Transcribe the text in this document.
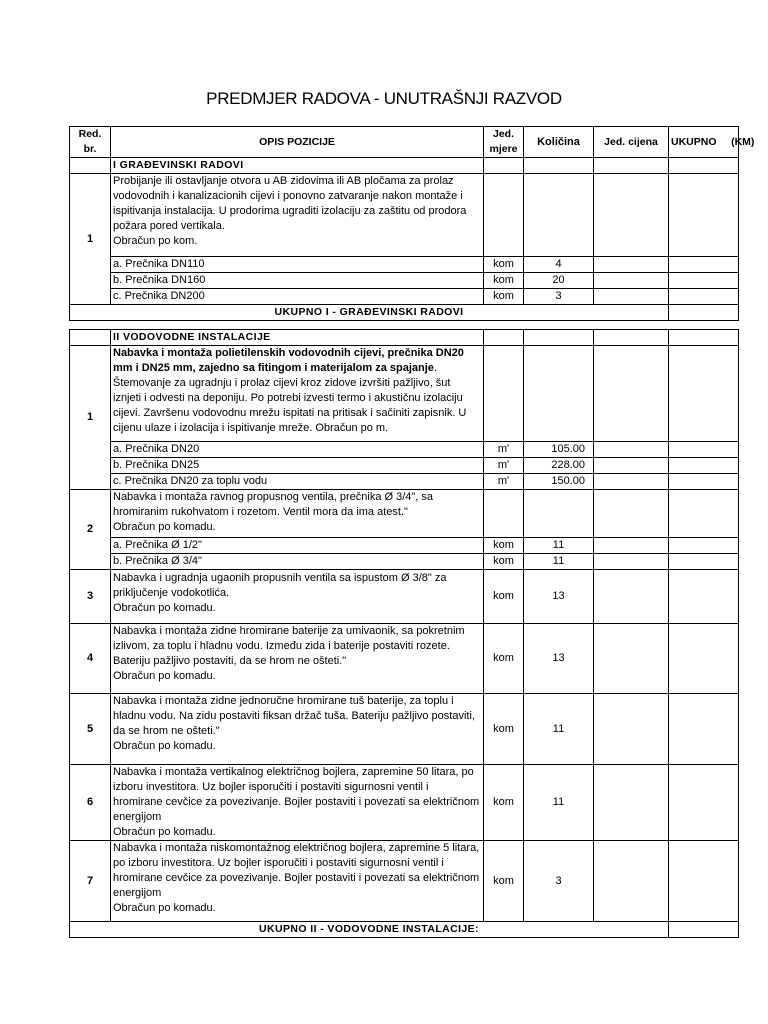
PREDMJER RADOVA - UNUTRAŠNJI RAZVOD
Red. br.	OPIS POZICIJE	Jed. mjere	Količina	Jed. cijena	UKUPNO     (KM)
	I GRAĐEVINSKI RADOVI				
1	Probijanje ili ostavljanje otvora u AB zidovima ili AB pločama za prolaz vodovodnih i kanalizacionih cijevi i ponovno zatvaranje nakon montaže i ispitivanja instalacija. U prodorima ugraditi izolaciju za zaštitu od prodora požara pored vertikala.
Obračun po kom.				
	a. Prečnika DN110	kom	4		
	b. Prečnika DN160	kom	20		
	c. Prečnika DN200	kom	3		
UKUPNO I - GRAĐEVINSKI RADOVI					
	II VODOVODNE INSTALACIJE				
1	Nabavka i montaža polietilenskih vodovodnih cijevi, prečnika DN20 mm i DN25 mm, zajedno sa fitingom i materijalom za spajanje. Štemovanje za ugradnju i prolaz cijevi kroz zidove izvršiti pažljivo, šut iznjeti i odvesti na deponiju. Po potrebi izvesti termo i akustičnu izolaciju cijevi. Završenu vodovodnu mrežu ispitati na pritisak i sačiniti zapisnik. U cijenu ulaze i izolacija i ispitivanje mreže. Obračun po m.				
	a. Prečnika DN20	m'	105.00		
	b. Prečnika DN25	m'	228.00		
	c. Prečnika DN20 za toplu vodu	m'	150.00		
2	Nabavka i montaža ravnog propusnog ventila, prečnika Ø 3/4", sa hromiranim rukohvatom i rozetom. Ventil mora da ima atest."
Obračun po komadu.				
	a. Prečnika Ø 1/2"	kom	11		
	b. Prečnika Ø 3/4"	kom	11		
3	Nabavka i ugradnja ugaonih propusnih ventila sa ispustom Ø 3/8" za priključenje vodokotlića.
Obračun po komadu.	kom	13		
4	Nabavka i montaža zidne hromirane baterije za umivaonik, sa pokretnim izlivom, za toplu i hladnu vodu. Između zida i baterije postaviti rozete. Bateriju pažljivo postaviti, da se hrom ne ošteti."
Obračun po komadu.	kom	13		
5	Nabavka i montaža zidne jednoručne hromirane tuš baterije, za toplu i hladnu vodu. Na zidu postaviti fiksan držač tuša. Bateriju pažljivo postaviti, da se hrom ne ošteti."
Obračun po komadu.	kom	11		
6	Nabavka i montaža vertikalnog električnog bojlera, zapremine 50 litara, po izboru investitora. Uz bojler isporučiti i postaviti sigurnosni ventil i hromirane cevčice za povezivanje. Bojler postaviti i povezati sa električnom energijom
Obračun po komadu.	kom	11		
7	Nabavka i montaža niskomontažnog električnog bojlera, zapremine 5 litara, po izboru investitora. Uz bojler isporučiti i postaviti sigurnosni ventil i hromirane cevčice za povezivanje. Bojler postaviti i povezati sa električnom energijom
Obračun po komadu.	kom	3		
UKUPNO II - VODOVODNE INSTALACIJE:					
